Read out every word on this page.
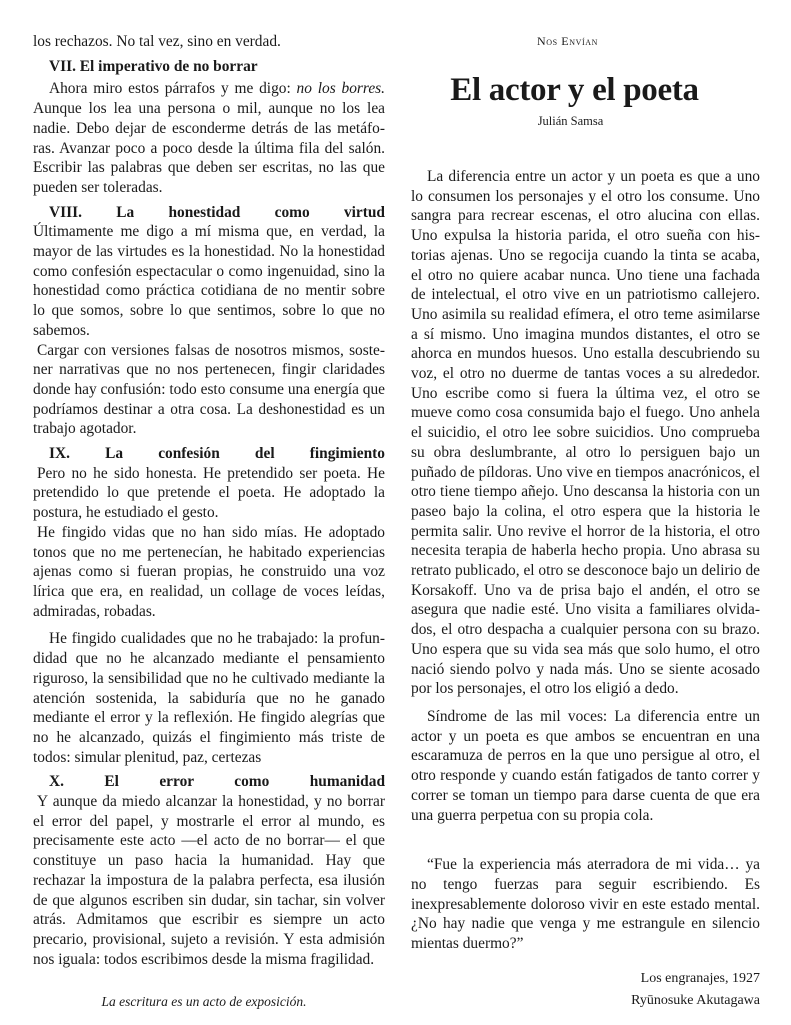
los rechazos. No tal vez, sino en verdad.

VII. El imperativo de no borrar

Ahora miro estos párrafos y me digo: no los borres. Aunque los lea una persona o mil, aunque no los lea nadie. Debo dejar de esconderme detrás de las metáforas. Avanzar poco a poco desde la última fila del salón. Escribir las palabras que deben ser escritas, no las que pueden ser toleradas.

VIII. La honestidad como virtud

Últimamente me digo a mí misma que, en verdad, la mayor de las virtudes es la honestidad. No la honestidad como confesión espectacular o como ingenuidad, sino la honestidad como práctica cotidiana de no mentir sobre lo que somos, sobre lo que sentimos, sobre lo que no sabemos.

Cargar con versiones falsas de nosotros mismos, sostener narrativas que no nos pertenecen, fingir claridades donde hay confusión: todo esto consume una energía que podríamos destinar a otra cosa. La deshonestidad es un trabajo agotador.

IX. La confesión del fingimiento

Pero no he sido honesta. He pretendido ser poeta. He pretendido lo que pretende el poeta. He adoptado la postura, he estudiado el gesto.

He fingido vidas que no han sido mías. He adoptado tonos que no me pertenecían, he habitado experiencias ajenas como si fueran propias, he construido una voz lírica que era, en realidad, un collage de voces leídas, admiradas, robadas.

He fingido cualidades que no he trabajado: la profundidad que no he alcanzado mediante el pensamiento riguroso, la sensibilidad que no he cultivado mediante la atención sostenida, la sabiduría que no he ganado mediante el error y la reflexión. He fingido alegrías que no he alcanzado, quizás el fingimiento más triste de todos: simular plenitud, paz, certezas

X. El error como humanidad

Y aunque da miedo alcanzar la honestidad, y no borrar el error del papel, y mostrarle el error al mundo, es precisamente este acto —el acto de no borrar— el que constituye un paso hacia la humanidad. Hay que rechazar la impostura de la palabra perfecta, esa ilusión de que algunos escriben sin dudar, sin tachar, sin volver atrás. Admitamos que escribir es siempre un acto precario, provisional, sujeto a revisión. Y esta admisión nos iguala: todos escribimos desde la misma fragilidad.

La escritura es un acto de exposición.

Nos Envían

El actor y el poeta

Julián Samsa

La diferencia entre un actor y un poeta es que a uno lo consumen los personajes y el otro los consume. Uno sangra para recrear escenas, el otro alucina con ellas. Uno expulsa la historia parida, el otro sueña con historias ajenas. Uno se regocija cuando la tinta se acaba, el otro no quiere acabar nunca. Uno tiene una fachada de intelectual, el otro vive en un patriotismo callejero. Uno asimila su realidad efímera, el otro teme asimilarse a sí mismo. Uno imagina mundos distantes, el otro se ahorca en mundos huesos. Uno estalla descubriendo su voz, el otro no duerme de tantas voces a su alrededor. Uno escribe como si fuera la última vez, el otro se mueve como cosa consumida bajo el fuego. Uno anhela el suicidio, el otro lee sobre suicidios. Uno comprueba su obra deslumbrante, al otro lo persiguen bajo un puñado de píldoras. Uno vive en tiempos anacrónicos, el otro tiene tiempo añejo. Uno descansa la historia con un paseo bajo la colina, el otro espera que la historia le permita salir. Uno revive el horror de la historia, el otro necesita terapia de haberla hecho propia. Uno abrasa su retrato publicado, el otro se desconoce bajo un delirio de Korsakoff. Uno va de prisa bajo el andén, el otro se asegura que nadie esté. Uno visita a familiares olvidados, el otro despacha a cualquier persona con su brazo. Uno espera que su vida sea más que solo humo, el otro nació siendo polvo y nada más. Uno se siente acosado por los personajes, el otro los eligió a dedo.

Síndrome de las mil voces: La diferencia entre un actor y un poeta es que ambos se encuentran en una escaramuza de perros en la que uno persigue al otro, el otro responde y cuando están fatigados de tanto correr y correr se toman un tiempo para darse cuenta de que era una guerra perpetua con su propia cola.

“Fue la experiencia más aterradora de mi vida… ya no tengo fuerzas para seguir escribiendo. Es inexpresablemente doloroso vivir en este estado mental. ¿No hay nadie que venga y me estrangule en silencio mientas duermo?”

Los engranajes, 1927

Ryūnosuke Akutagawa
